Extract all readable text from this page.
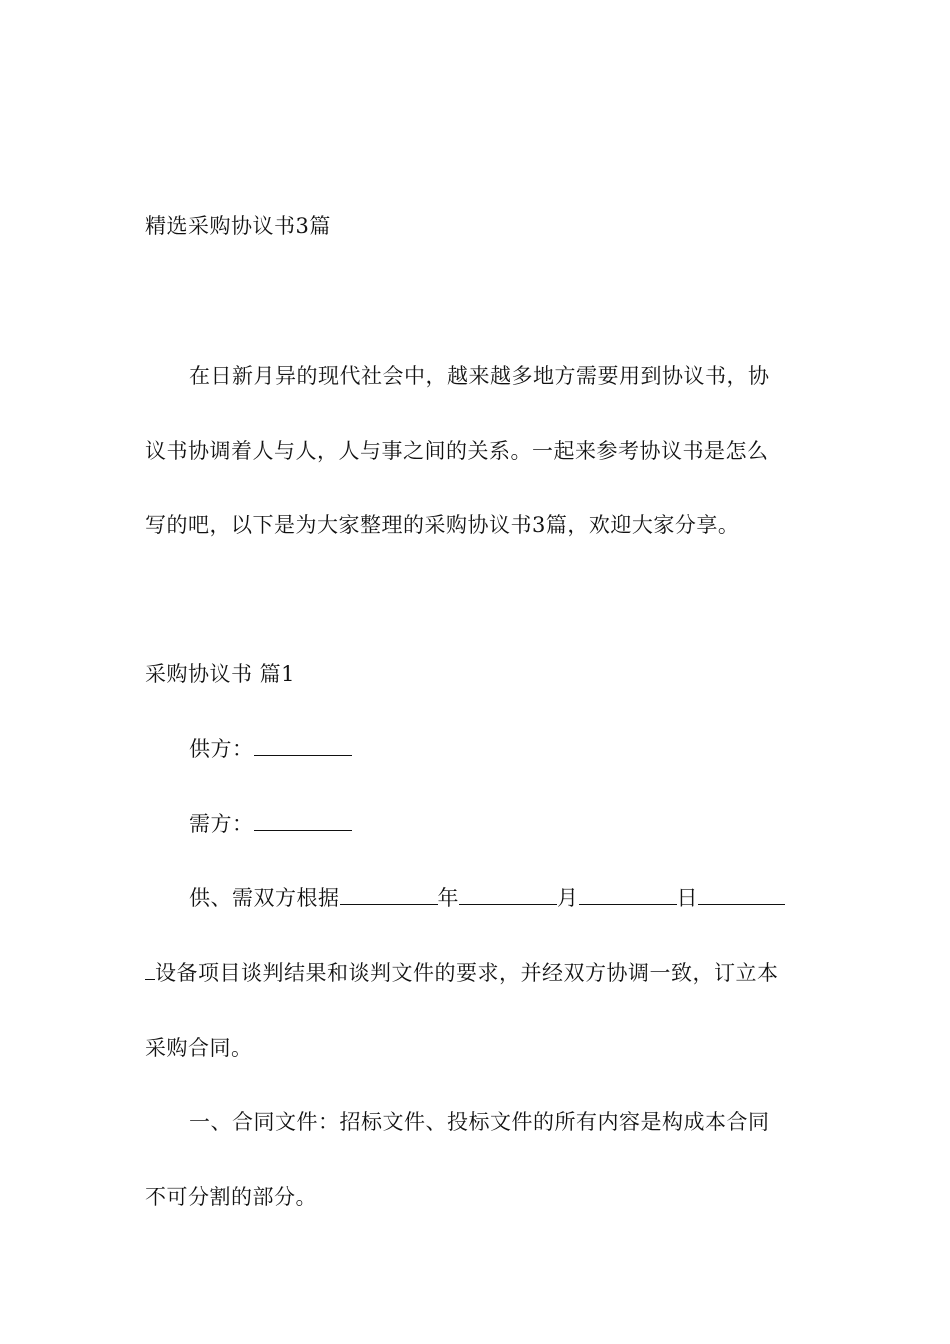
精选采购协议书3篇
在日新月异的现代社会中，越来越多地方需要用到协议书，协
议书协调着人与人，人与事之间的关系。一起来参考协议书是怎么
写的吧，以下是为大家整理的采购协议书3篇，欢迎大家分享。
采购协议书 篇1
供方：
需方：
供、需双方根据	年	月	日
设备项目谈判结果和谈判文件的要求，并经双方协调一致，订立本
采购合同。
一、合同文件：招标文件、投标文件的所有内容是构成本合同
不可分割的部分。
